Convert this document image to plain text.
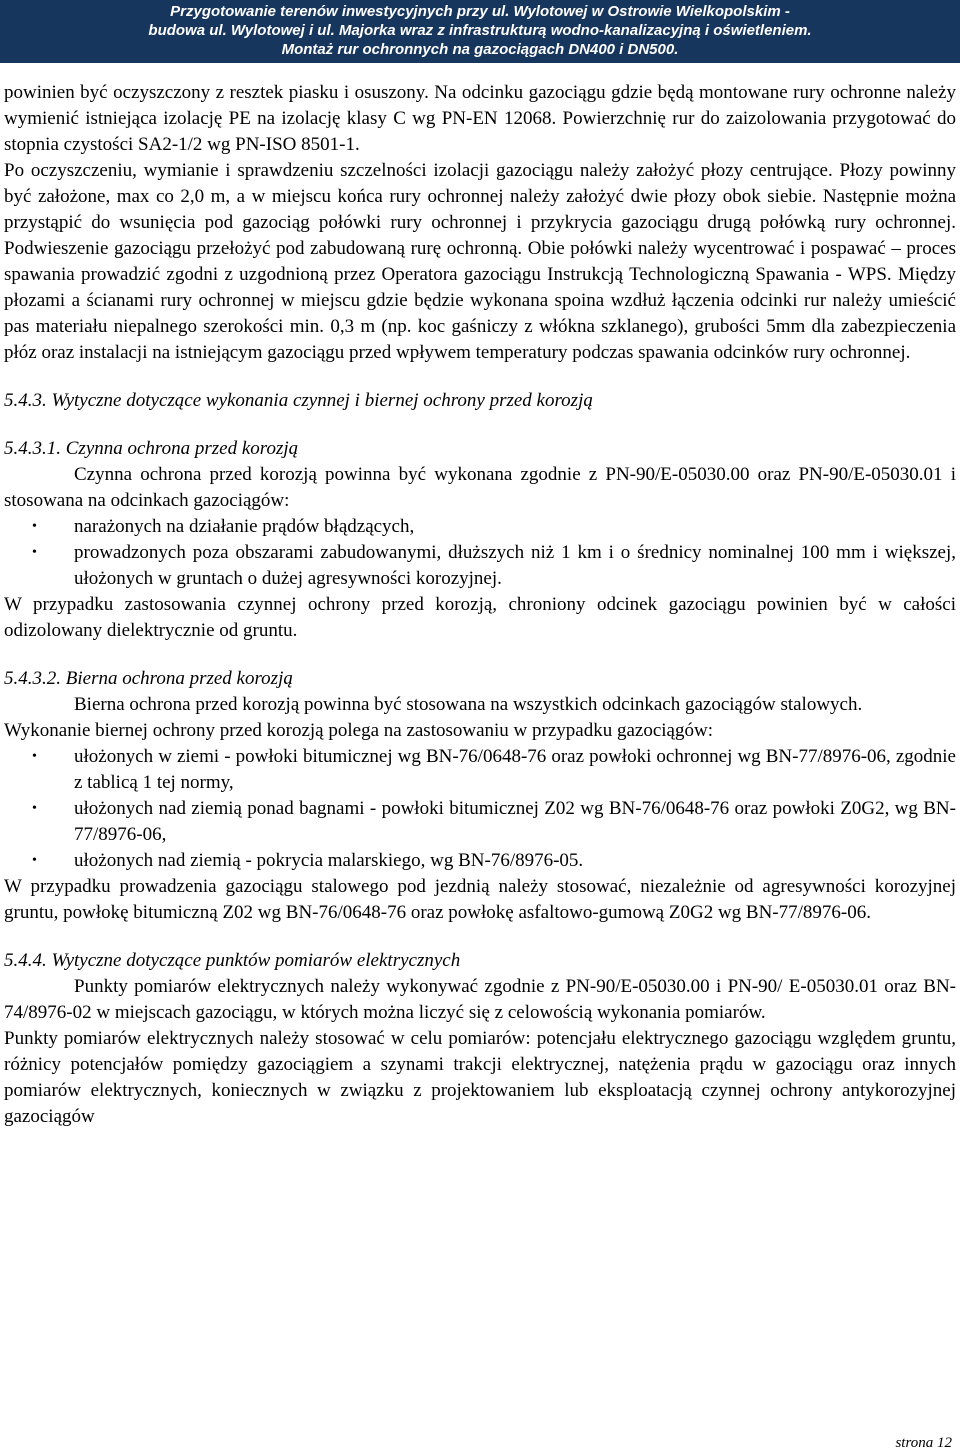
Przygotowanie terenów inwestycyjnych przy ul. Wylotowej w Ostrowie Wielkopolskim -
budowa ul. Wylotowej i ul. Majorka wraz z infrastrukturą wodno-kanalizacyjną i oświetleniem.
Montaż rur ochronnych na gazociągach DN400 i DN500.

powinien być oczyszczony z resztek piasku i osuszony. Na odcinku gazociągu gdzie będą montowane rury ochronne należy wymienić istniejąca izolację PE na izolację klasy C wg PN-EN 12068. Powierzchnię rur do zaizolowania przygotować do stopnia czystości SA2-1/2 wg PN-ISO 8501-1.

Po oczyszczeniu, wymianie i sprawdzeniu szczelności izolacji gazociągu należy założyć płozy centrujące. Płozy powinny być założone, max co 2,0 m, a w miejscu końca rury ochronnej należy założyć dwie płozy obok siebie. Następnie można przystąpić do wsunięcia pod gazociąg połówki rury ochronnej i przykrycia gazociągu drugą połówką rury ochronnej. Podwieszenie gazociągu przełożyć pod zabudowaną rurę ochronną. Obie połówki należy wycentrować i pospawać – proces spawania prowadzić zgodni z uzgodnioną przez Operatora gazociągu Instrukcją Technologiczną Spawania - WPS. Między płozami a ścianami rury ochronnej w miejscu gdzie będzie wykonana spoina wzdłuż łączenia odcinki rur należy umieścić pas materiału niepalnego szerokości min. 0,3 m (np. koc gaśniczy z włókna szklanego), grubości 5mm dla zabezpieczenia płóz oraz instalacji na istniejącym gazociągu przed wpływem temperatury podczas spawania odcinków rury ochronnej.

5.4.3. Wytyczne dotyczące wykonania czynnej i biernej ochrony przed korozją

5.4.3.1. Czynna ochrona przed korozją

Czynna ochrona przed korozją powinna być wykonana zgodnie z PN-90/E-05030.00 oraz PN-90/E-05030.01 i stosowana na odcinkach gazociągów:

• narażonych na działanie prądów błądzących,
• prowadzonych poza obszarami zabudowanymi, dłuższych niż 1 km i o średnicy nominalnej 100 mm i większej, ułożonych w gruntach o dużej agresywności korozyjnej.

W przypadku zastosowania czynnej ochrony przed korozją, chroniony odcinek gazociągu powinien być w całości odizolowany dielektrycznie od gruntu.

5.4.3.2. Bierna ochrona przed korozją

Bierna ochrona przed korozją powinna być stosowana na wszystkich odcinkach gazociągów stalowych.

Wykonanie biernej ochrony przed korozją polega na zastosowaniu w przypadku gazociągów:

• ułożonych w ziemi - powłoki bitumicznej wg BN-76/0648-76 oraz powłoki ochronnej wg BN-77/8976-06, zgodnie z tablicą 1 tej normy,
• ułożonych nad ziemią ponad bagnami - powłoki bitumicznej Z02 wg BN-76/0648-76 oraz powłoki Z0G2, wg BN-77/8976-06,
• ułożonych nad ziemią - pokrycia malarskiego, wg BN-76/8976-05.

W przypadku prowadzenia gazociągu stalowego pod jezdnią należy stosować, niezależnie od agresywności korozyjnej gruntu, powłokę bitumiczną Z02 wg BN-76/0648-76 oraz powłokę asfaltowo-gumową Z0G2 wg BN-77/8976-06.

5.4.4. Wytyczne dotyczące punktów pomiarów elektrycznych

Punkty pomiarów elektrycznych należy wykonywać zgodnie z PN-90/E-05030.00 i PN-90/ E-05030.01 oraz BN-74/8976-02 w miejscach gazociągu, w których można liczyć się z celowością wykonania pomiarów.

Punkty pomiarów elektrycznych należy stosować w celu pomiarów: potencjału elektrycznego gazociągu względem gruntu, różnicy potencjałów pomiędzy gazociągiem a szynami trakcji elektrycznej, natężenia prądu w gazociągu oraz innych pomiarów elektrycznych, koniecznych w związku z projektowaniem lub eksploatacją czynnej ochrony antykorozyjnej gazociągów

strona 12
